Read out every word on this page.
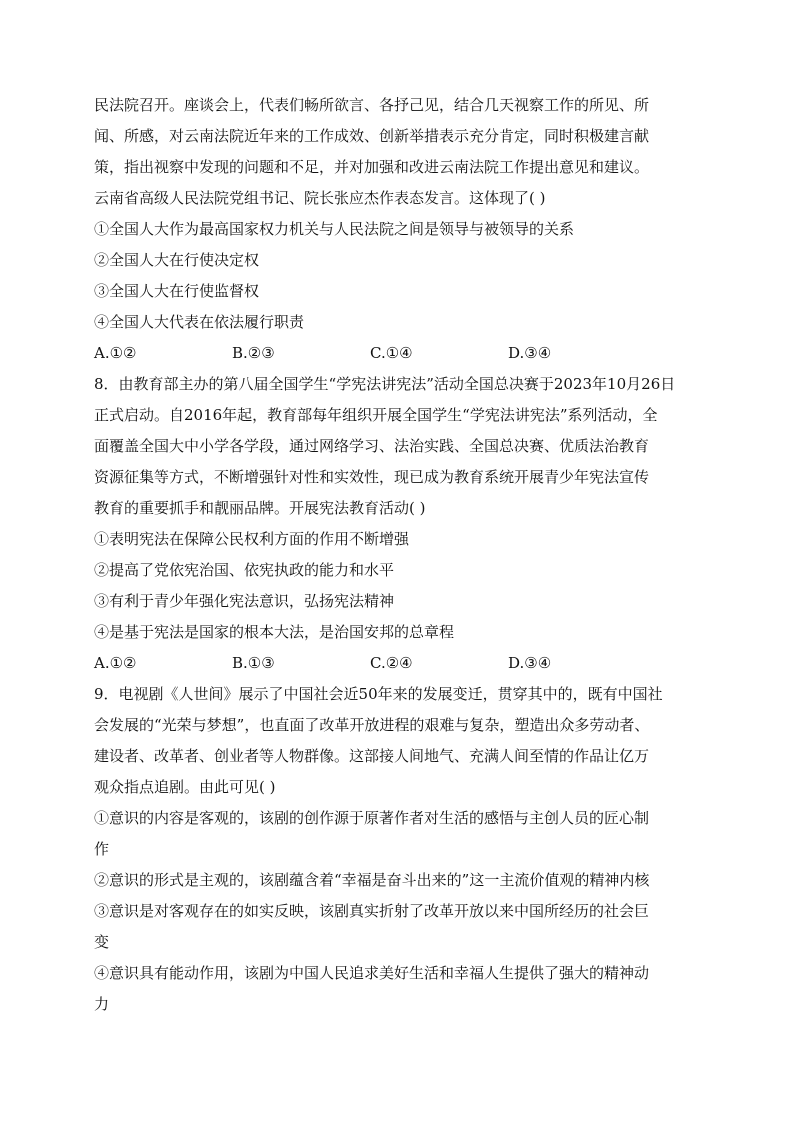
民法院召开。座谈会上，代表们畅所欲言、各抒己见，结合几天视察工作的所见、所
闻、所感，对云南法院近年来的工作成效、创新举措表示充分肯定，同时积极建言献
策，指出视察中发现的问题和不足，并对加强和改进云南法院工作提出意见和建议。
云南省高级人民法院党组书记、院长张应杰作表态发言。这体现了( )
①全国人大作为最高国家权力机关与人民法院之间是领导与被领导的关系
②全国人大在行使决定权
③全国人大在行使监督权
④全国人大代表在依法履行职责
A.①②	B.②③	C.①④	D.③④
8．由教育部主办的第八届全国学生“学宪法讲宪法”活动全国总决赛于2023年10月26日
正式启动。自2016年起，教育部每年组织开展全国学生“学宪法讲宪法”系列活动，全
面覆盖全国大中小学各学段，通过网络学习、法治实践、全国总决赛、优质法治教育
资源征集等方式，不断增强针对性和实效性，现已成为教育系统开展青少年宪法宣传
教育的重要抓手和靓丽品牌。开展宪法教育活动( )
①表明宪法在保障公民权利方面的作用不断增强
②提高了党依宪治国、依宪执政的能力和水平
③有利于青少年强化宪法意识，弘扬宪法精神
④是基于宪法是国家的根本大法，是治国安邦的总章程
A.①②	B.①③	C.②④	D.③④
9．电视剧《人世间》展示了中国社会近50年来的发展变迁，贯穿其中的，既有中国社
会发展的“光荣与梦想”，也直面了改革开放进程的艰难与复杂，塑造出众多劳动者、
建设者、改革者、创业者等人物群像。这部接人间地气、充满人间至情的作品让亿万
观众指点追剧。由此可见( )
①意识的内容是客观的，该剧的创作源于原著作者对生活的感悟与主创人员的匠心制
作
②意识的形式是主观的，该剧蕴含着“幸福是奋斗出来的”这一主流价值观的精神内核
③意识是对客观存在的如实反映，该剧真实折射了改革开放以来中国所经历的社会巨
变
④意识具有能动作用，该剧为中国人民追求美好生活和幸福人生提供了强大的精神动
力
